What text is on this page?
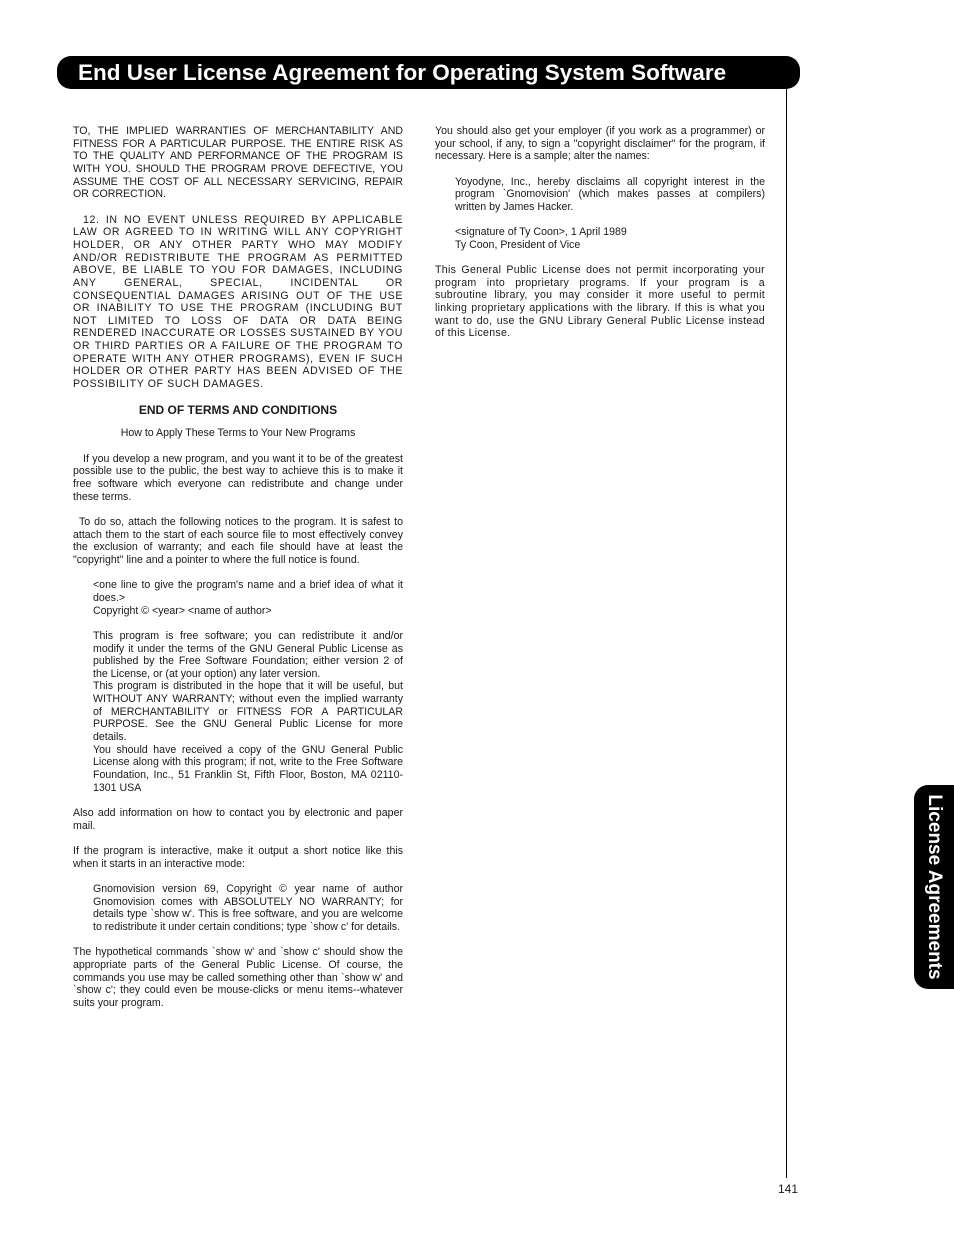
End User License Agreement for Operating System Software

TO, THE IMPLIED WARRANTIES OF MERCHANTABILITY AND FITNESS FOR A PARTICULAR PURPOSE. THE ENTIRE RISK AS TO THE QUALITY AND PERFORMANCE OF THE PROGRAM IS WITH YOU. SHOULD THE PROGRAM PROVE DEFECTIVE, YOU ASSUME THE COST OF ALL NECESSARY SERVICING, REPAIR OR CORRECTION.

12. IN NO EVENT UNLESS REQUIRED BY APPLICABLE LAW OR AGREED TO IN WRITING WILL ANY COPYRIGHT HOLDER, OR ANY OTHER PARTY WHO MAY MODIFY AND/OR REDISTRIBUTE THE PROGRAM AS PERMITTED ABOVE, BE LIABLE TO YOU FOR DAMAGES, INCLUDING ANY GENERAL, SPECIAL, INCIDENTAL OR CONSEQUENTIAL DAMAGES ARISING OUT OF THE USE OR INABILITY TO USE THE PROGRAM (INCLUDING BUT NOT LIMITED TO LOSS OF DATA OR DATA BEING RENDERED INACCURATE OR LOSSES SUSTAINED BY YOU OR THIRD PARTIES OR A FAILURE OF THE PROGRAM TO OPERATE WITH ANY OTHER PROGRAMS), EVEN IF SUCH HOLDER OR OTHER PARTY HAS BEEN ADVISED OF THE POSSIBILITY OF SUCH DAMAGES.

END OF TERMS AND CONDITIONS
How to Apply These Terms to Your New Programs

If you develop a new program, and you want it to be of the greatest possible use to the public, the best way to achieve this is to make it free software which everyone can redistribute and change under these terms.

To do so, attach the following notices to the program. It is safest to attach them to the start of each source file to most effectively convey the exclusion of warranty; and each file should have at least the "copyright" line and a pointer to where the full notice is found.

<one line to give the program's name and a brief idea of what it does.>

Copyright © <year> <name of author>

This program is free software; you can redistribute it and/or modify it under the terms of the GNU General Public License as published by the Free Software Foundation; either version 2 of the License, or (at your option) any later version.

This program is distributed in the hope that it will be useful, but WITHOUT ANY WARRANTY; without even the implied warranty of MERCHANTABILITY or FITNESS FOR A PARTICULAR PURPOSE. See the GNU General Public License for more details.

You should have received a copy of the GNU General Public License along with this program; if not, write to the Free Software Foundation, Inc., 51 Franklin St, Fifth Floor, Boston, MA 02110-1301 USA

Also add information on how to contact you by electronic and paper mail.

If the program is interactive, make it output a short notice like this when it starts in an interactive mode:

Gnomovision version 69, Copyright © year name of author Gnomovision comes with ABSOLUTELY NO WARRANTY; for details type `show w'. This is free software, and you are welcome to redistribute it under certain conditions; type `show c' for details.

The hypothetical commands `show w' and `show c' should show the appropriate parts of the General Public License. Of course, the commands you use may be called something other than `show w' and `show c'; they could even be mouse-clicks or menu items--whatever suits your program.

You should also get your employer (if you work as a programmer) or your school, if any, to sign a "copyright disclaimer" for the program, if necessary. Here is a sample; alter the names:

Yoyodyne, Inc., hereby disclaims all copyright interest in the program `Gnomovision' (which makes passes at compilers) written by James Hacker.

<signature of Ty Coon>, 1 April 1989

Ty Coon, President of Vice

This General Public License does not permit incorporating your program into proprietary programs. If your program is a subroutine library, you may consider it more useful to permit linking proprietary applications with the library. If this is what you want to do, use the GNU Library General Public License instead of this License.

License Agreements
141
